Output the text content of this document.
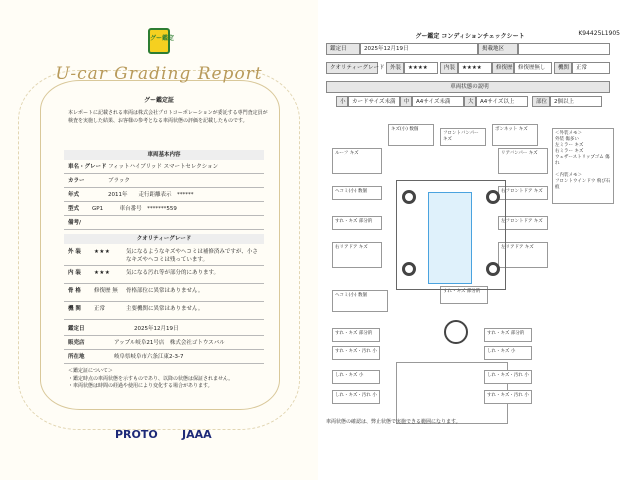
グー鑑定
U-car Grading Report
グー鑑定証
本レポートに記載される車両は株式会社プロトコーポレーションが委託する専門査定員が検査を実施した結果、お客様の参考となる車両状態の評価を記載したものです。
車両基本内容
車名・グレード フィットハイブリッド スマートセレクション
カラー	ブラック
年式	2011年　　走行距離表示　******
型式 GP1　　　車台番号　*******559
備考/
クオリティーグレード
外 装 ★★★	気になるようなキズやへコミは補修済みですが、小さなキズやヘコミは残っています。
内 装 ★★★	気になる汚れ等が部分的にあります。
骨 格 修復歴 無 骨格部位に異常はありません。
機 関 正常	主要機関に異常はありません。
鑑定日	2025年12月19日
販売店	アップル岐阜21号店　株式会社ゴトウスバル
所在地	岐阜県岐阜市六条江東2-3-7
＜鑑定証について＞
・鑑定時点の車両状態を示すものであり、以降の状態は保証されません。
・車両状態は時間の経過や使用により変化する場合があります。
PROTO JAAA
K94425L1905
グー鑑定 コンディションチェックシート
鑑定日	2025年12月19日	掲載地区
クオリティーグレード	外装	★★★★	内装	★★★★	修復歴 修復歴無し	機関	正常
車両状態の説明
小	カードサイズ未満	中	A4サイズ未満	大	A4サイズ以上	部位	2個以上
キズ(小) 数個
フロントバンパー キズ
ボンネット キズ
ルーフ キズ	リアバンパー キズ
ヘコミ(小) 数個	右フロントドア キズ
すれ・キズ 部分的	左フロントドア キズ
右リアドア キズ	左リアドア キズ
ヘコミ(小) 数個
すれ・キズ 部分的
＜外装メモ＞
外装 傷多い
左ミラー キズ
右ミラー キズ
ウェザーストリップゴム 傷れ

＜内装メモ＞
フロントウインドウ 飛び石痕
すれ・キズ 部分的
すれ・キズ・汚れ 小
しれ・キズ 小
しれ・キズ・汚れ 小
すれ・キズ 部分的
しれ・キズ 小
しれ・キズ・汚れ 小
すれ・キズ・汚れ 小
車両状態の確認は、弊止状態で実施できる範囲になります。
